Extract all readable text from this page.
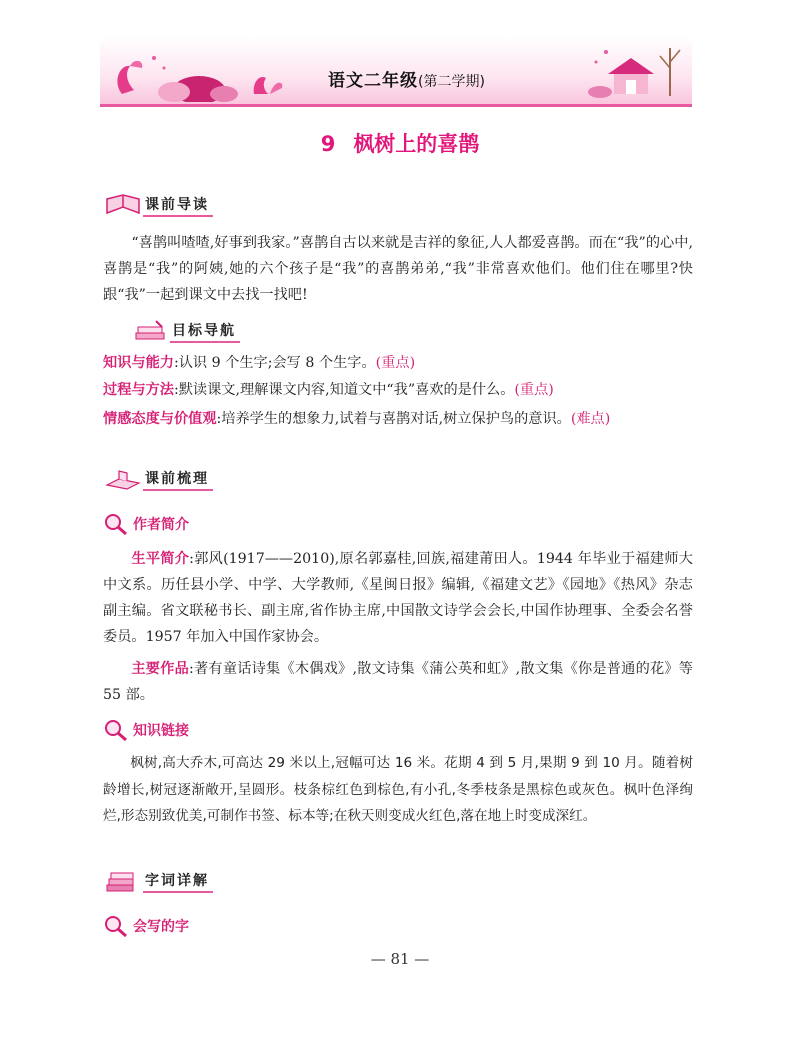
语文二年级(第二学期)
9 枫树上的喜鹊
课前导读

“喜鹊叫喳喳,好事到我家。”喜鹊自古以来就是吉祥的象征,人人都爱喜鹊。而在“我”的心中,喜鹊是“我”的阿姨,她的六个孩子是“我”的喜鹊弟弟,“我”非常喜欢他们。他们住在哪里?快跟“我”一起到课文中去找一找吧!

目标导航

知识与能力:认识 9 个生字;会写 8 个生字。(重点)

过程与方法:默读课文,理解课文内容,知道文中“我”喜欢的是什么。(重点)

情感态度与价值观:培养学生的想象力,试着与喜鹊对话,树立保护鸟的意识。(难点)

课前梳理
作者简介

生平简介:郭风(1917——2010),原名郭嘉桂,回族,福建莆田人。1944 年毕业于福建师大中文系。历任县小学、中学、大学教师,《星闽日报》编辑,《福建文艺》《园地》《热风》杂志副主编。省文联秘书长、副主席,省作协主席,中国散文诗学会会长,中国作协理事、全委会名誉委员。1957 年加入中国作家协会。

主要作品:著有童话诗集《木偶戏》,散文诗集《蒲公英和虹》,散文集《你是普通的花》等 55 部。

知识链接

枫树,高大乔木,可高达 29 米以上,冠幅可达 16 米。花期 4 到 5 月,果期 9 到 10 月。随着树龄增长,树冠逐渐敞开,呈圆形。枝条棕红色到棕色,有小孔,冬季枝条是黑棕色或灰色。枫叶色泽绚烂,形态别致优美,可制作书签、标本等;在秋天则变成火红色,落在地上时变成深红。

字词详解
会写的字
— 81 —
